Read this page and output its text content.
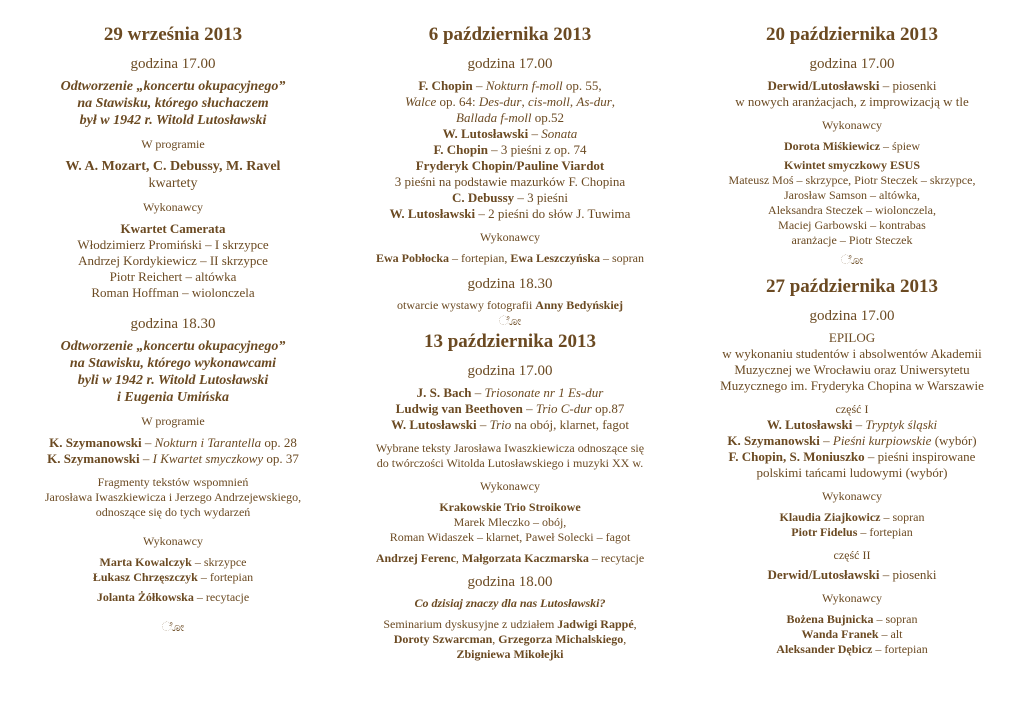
29 września 2013

godzina 17.00

Odtworzenie „koncertu okupacyjnego”

na Stawisku, którego słuchaczem

był w 1942 r. Witold Lutosławski

W programie

W. A. Mozart, C. Debussy, M. Ravel

kwartety

Wykonawcy

Kwartet Camerata

Włodzimierz Promiński – I skrzypce

Andrzej Kordykiewicz – II skrzypce

Piotr Reichert – altówka

Roman Hoffman – wiolonczela

godzina 18.30

Odtworzenie „koncertu okupacyjnego”

na Stawisku, którego wykonawcami

byli w 1942 r. Witold Lutosławski

i Eugenia Umińska

W programie

K. Szymanowski – Nokturn i Tarantella op. 28

K. Szymanowski – I Kwartet smyczkowy op. 37

Fragmenty tekstów wspomnień

Jarosława Iwaszkiewicza i Jerzego Andrzejewskiego,

odnoszące się do tych wydarzeń

Wykonawcy

Marta Kowalczyk – skrzypce

Łukasz Chrzęszczyk – fortepian

Jolanta Żółkowska – recytacje

ೋ

6 października 2013

godzina 17.00

F. Chopin – Nokturn f-moll op. 55,

Walce op. 64: Des-dur, cis-moll, As-dur,

Ballada f-moll op.52

W. Lutosławski – Sonata

F. Chopin – 3 pieśni z op. 74

Fryderyk Chopin/Pauline Viardot

3 pieśni na podstawie mazurków F. Chopina

C. Debussy – 3 pieśni

W. Lutosławski – 2 pieśni do słów J. Tuwima

Wykonawcy

Ewa Pobłocka – fortepian, Ewa Leszczyńska – sopran

godzina 18.30

otwarcie wystawy fotografii Anny Bedyńskiej

ೋ

13 października 2013

godzina 17.00

J. S. Bach – Triosonate nr 1 Es-dur

Ludwig van Beethoven – Trio C-dur op.87

W. Lutosławski – Trio na obój, klarnet, fagot

Wybrane teksty Jarosława Iwaszkiewicza odnoszące się

do twórczości Witolda Lutosławskiego i muzyki XX w.

Wykonawcy

Krakowskie Trio Stroikowe

Marek Mleczko – obój,

Roman Widaszek – klarnet, Paweł Solecki – fagot

Andrzej Ferenc, Małgorzata Kaczmarska – recytacje

godzina 18.00

Co dzisiaj znaczy dla nas Lutosławski?

Seminarium dyskusyjne z udziałem Jadwigi Rappé,

Doroty Szwarcman, Grzegorza Michalskiego,

Zbigniewa Mikołejki

20 października 2013

godzina 17.00

Derwid/Lutosławski – piosenki

w nowych aranżacjach, z improwizacją w tle

Wykonawcy

Dorota Miśkiewicz – śpiew

Kwintet smyczkowy ESUS

Mateusz Moś – skrzypce, Piotr Steczek – skrzypce,

Jarosław Samson – altówka,

Aleksandra Steczek – wiolonczela,

Maciej Garbowski – kontrabas

aranżacje – Piotr Steczek

ೋ

27 października 2013

godzina 17.00

EPILOG

w wykonaniu studentów i absolwentów Akademii

Muzycznej we Wrocławiu oraz Uniwersytetu

Muzycznego im. Fryderyka Chopina w Warszawie

część I

W. Lutosławski – Tryptyk śląski

K. Szymanowski – Pieśni kurpiowskie (wybór)

F. Chopin, S. Moniuszko – pieśni inspirowane

polskimi tańcami ludowymi (wybór)

Wykonawcy

Klaudia Ziajkowicz – sopran

Piotr Fidelus – fortepian

część II

Derwid/Lutosławski – piosenki

Wykonawcy

Bożena Bujnicka – sopran

Wanda Franek – alt

Aleksander Dębicz – fortepian
